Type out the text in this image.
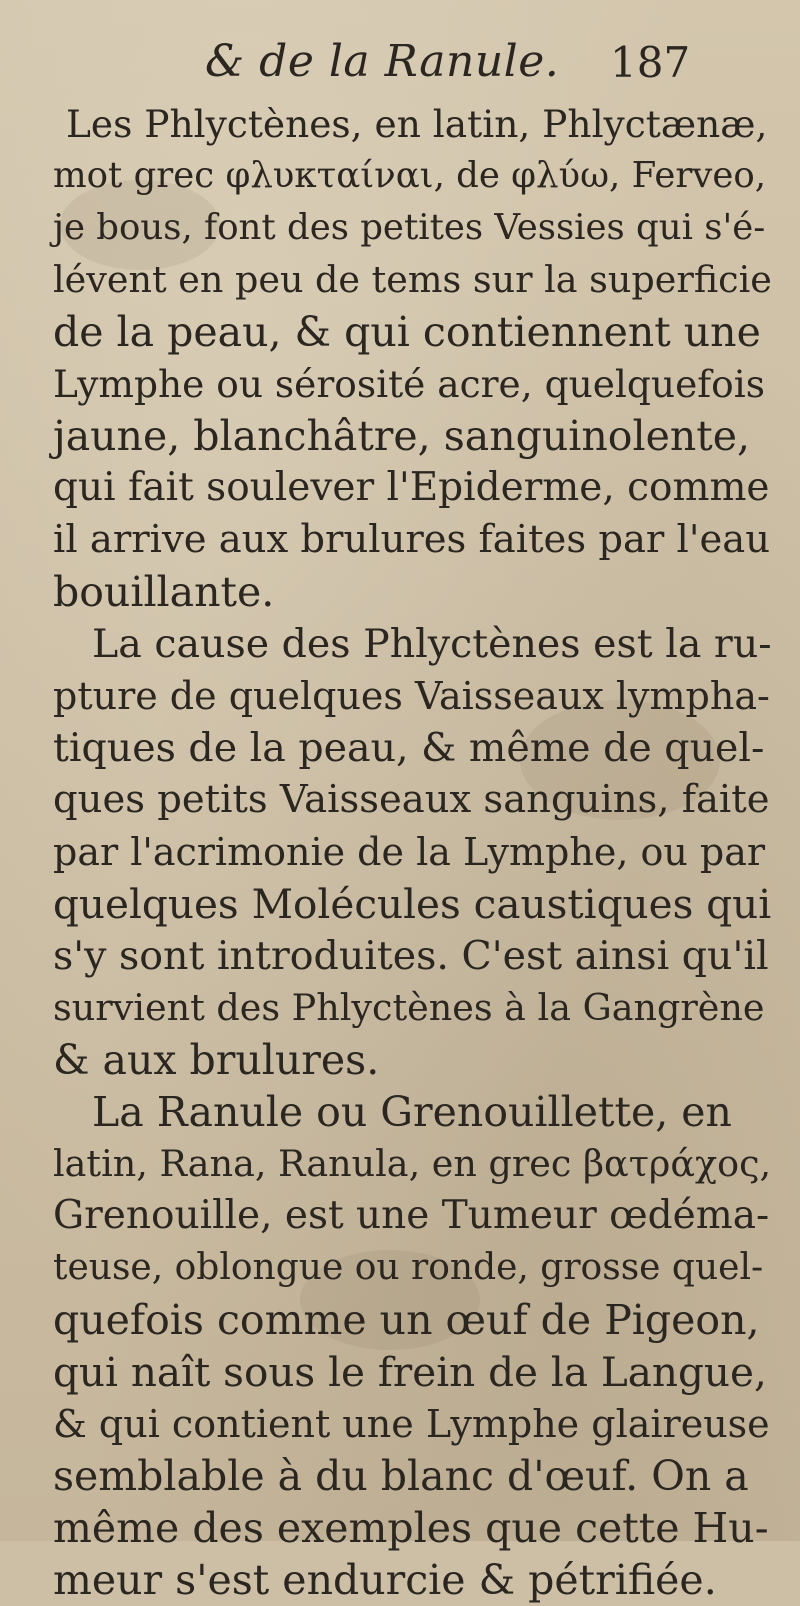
& de la Ranule. 187
Les Phlyctènes, en latin, Phlyctænæ,
mot grec φλυκταίναι, de φλύω, Ferveo,
je bous, font des petites Vessies qui s'é-
lévent en peu de tems sur la superficie
de la peau, & qui contiennent une
Lymphe ou sérosité acre, quelquefois
jaune, blanchâtre, sanguinolente,
qui fait soulever l'Epiderme, comme
il arrive aux brulures faites par l'eau
bouillante.
La cause des Phlyctènes est la ru-
pture de quelques Vaisseaux lympha-
tiques de la peau, & même de quel-
ques petits Vaisseaux sanguins, faite
par l'acrimonie de la Lymphe, ou par
quelques Molécules caustiques qui
s'y sont introduites. C'est ainsi qu'il
survient des Phlyctènes à la Gangrène
& aux brulures.
La Ranule ou Grenouillette, en
latin, Rana, Ranula, en grec βατράχος,
Grenouille, est une Tumeur œdéma-
teuse, oblongue ou ronde, grosse quel-
quefois comme un œuf de Pigeon,
qui naît sous le frein de la Langue,
& qui contient une Lymphe glaireuse
semblable à du blanc d'œuf. On a
même des exemples que cette Hu-
meur s'est endurcie & pétrifiée.
